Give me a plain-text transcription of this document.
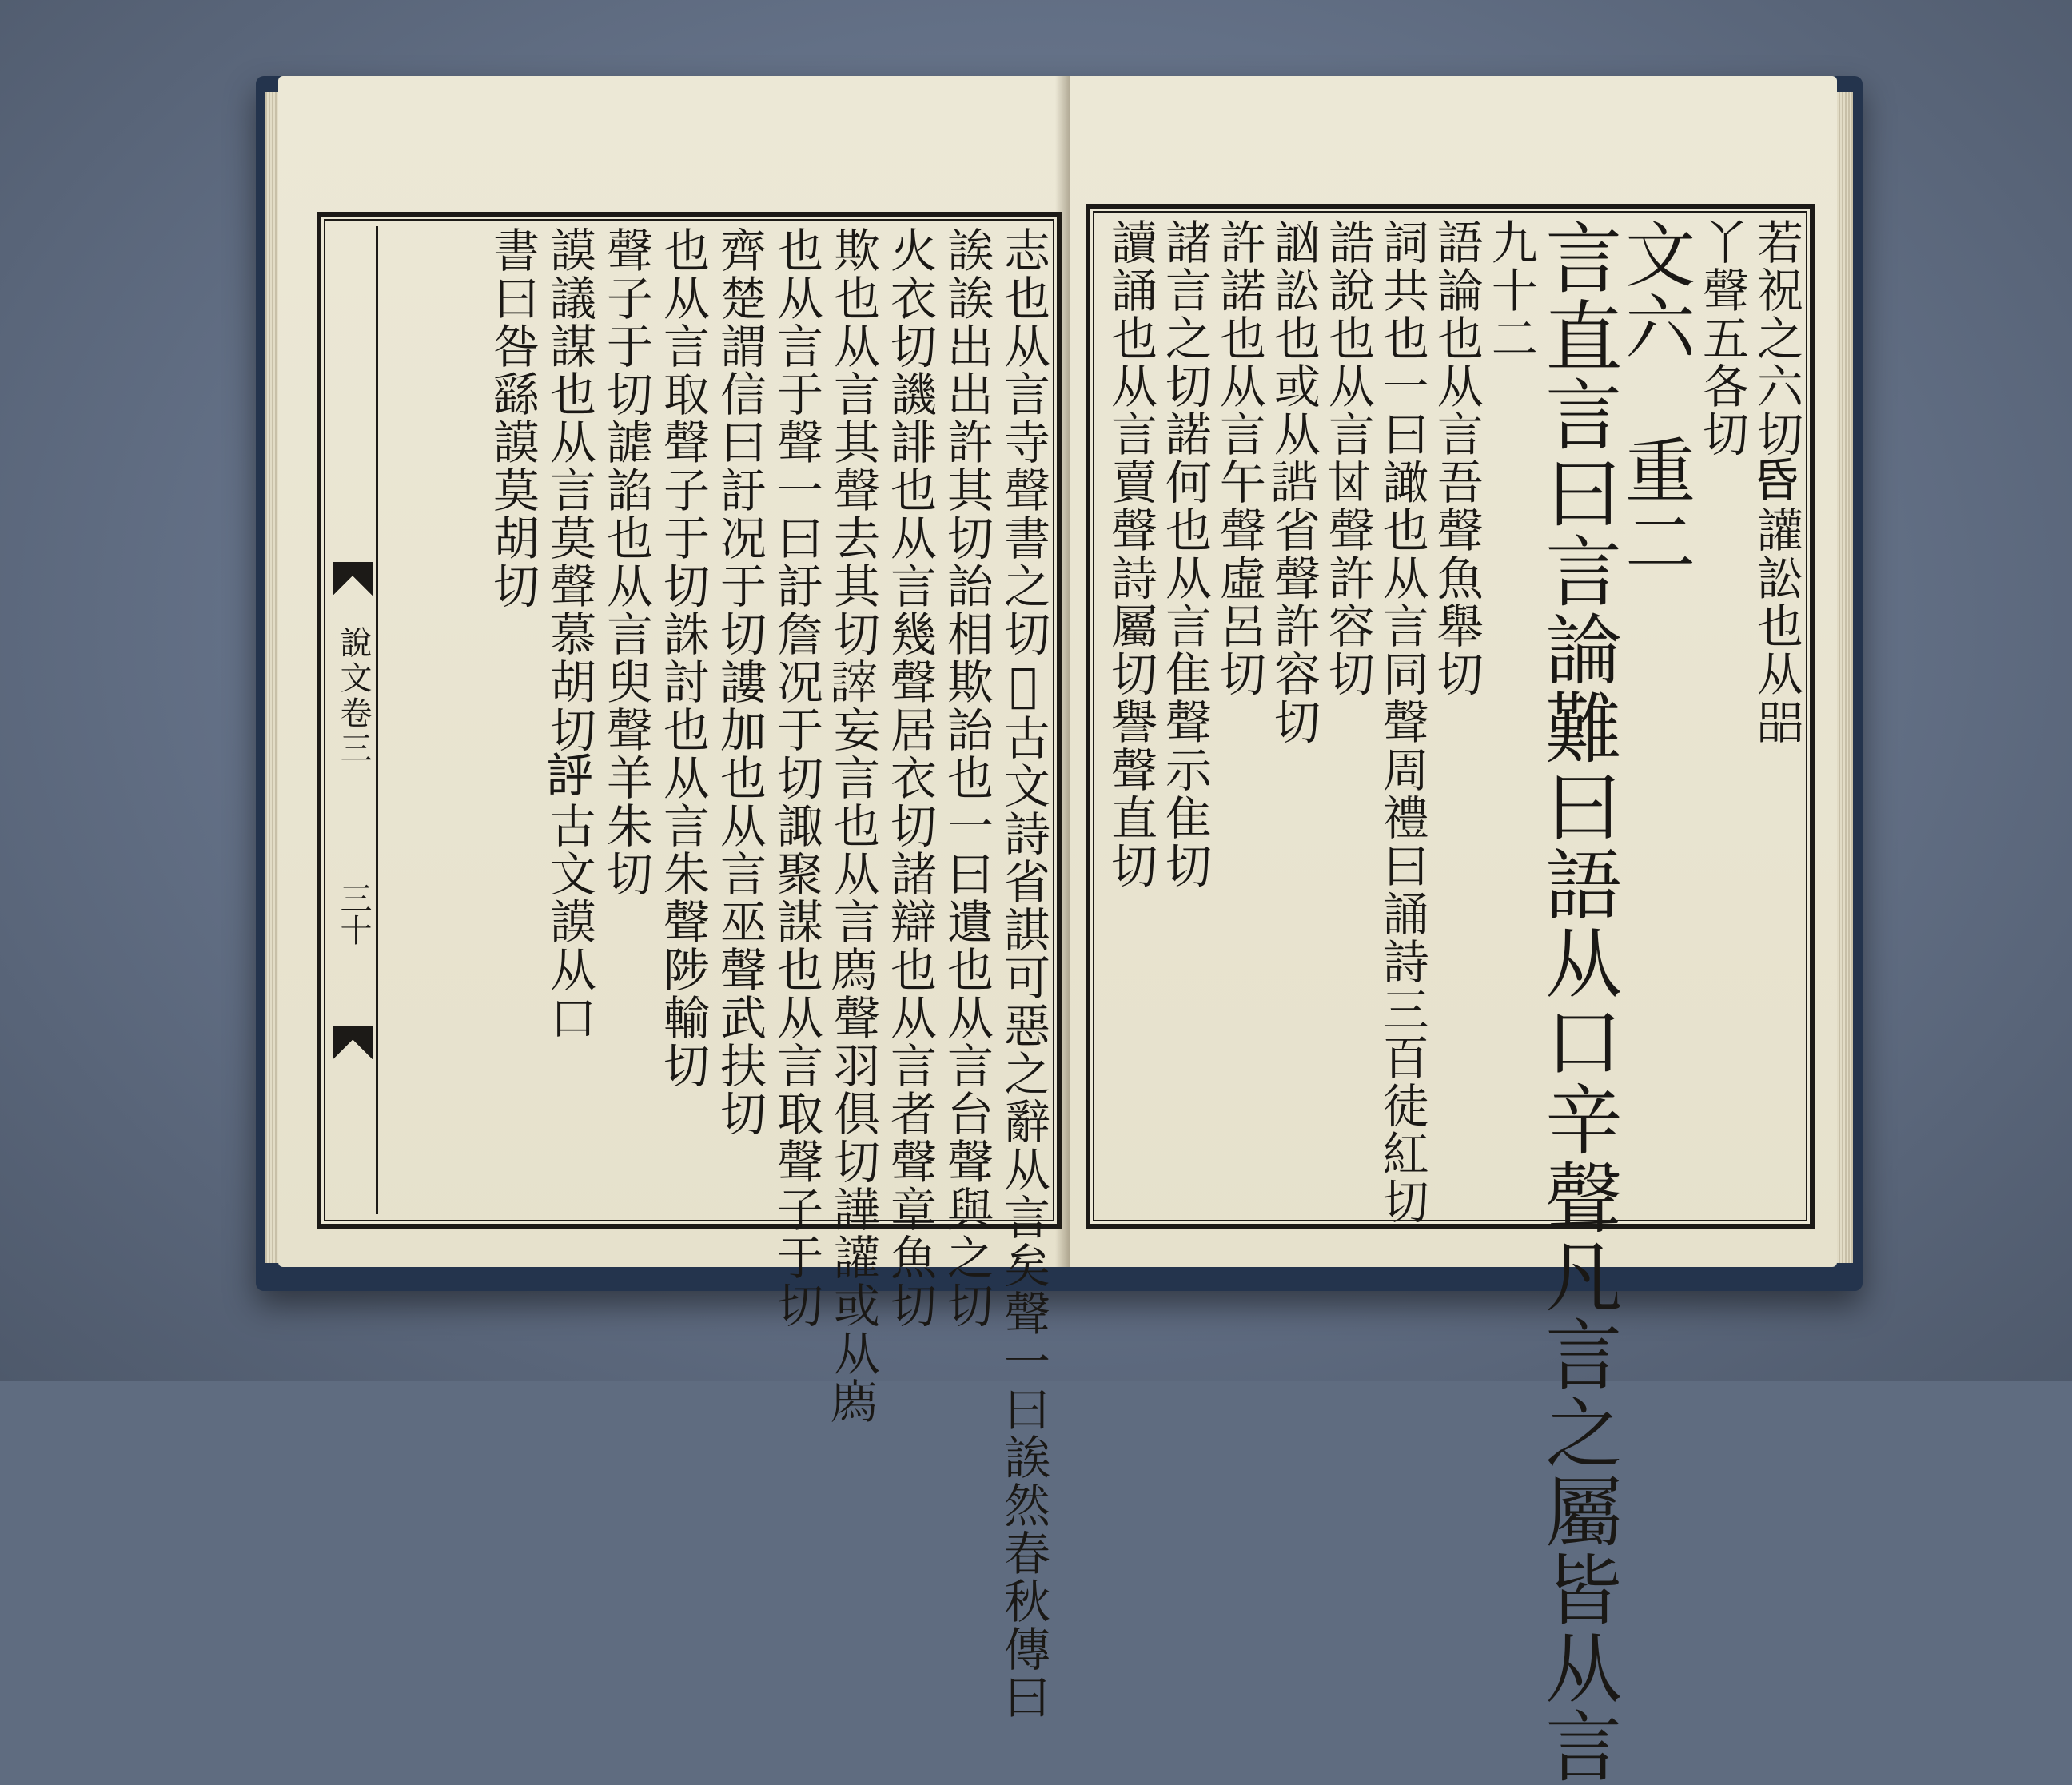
說文卷三
三十	志也从言寺聲書之切𧥚古文詩省諆可惡之辭从言矣聲一曰誒然春秋傳曰
誒誒出出許其切詒相欺詒也一曰遺也从言台聲與之切
火衣切譏誹也从言幾聲居衣切諸辯也从言者聲章魚切
欺也从言其聲去其切𧫒妄言也从言𢊁聲羽俱切譁讙或从𢊁
也从言于聲一曰訏詹况于切諏聚謀也从言取聲子于切
齊楚謂信曰訏况于切謱加也从言巫聲武扶切
也从言取聲子于切誅討也从言朱聲陟輸切
聲子于切謔諂也从言臾聲羊朱切
謨議謀也从言莫聲慕胡切𧦝古文謨从口
書曰咎繇謨莫胡切	若祝之六切𠯑讙訟也从㗊
丫聲五各切
文六　重二
言直言曰言論難曰語从口辛聲凡言之屬皆从言
九十二
語論也从言吾聲魚舉切
詞共也一曰譀也从言同聲周禮曰誦詩三百徒紅切
誥說也从言𠀠聲許容切
訩訟也或从𧩢省聲許容切
許諾也从言午聲虛呂切
諸言之切諾何也从言隹聲示隹切
讀誦也从言賣聲詩屬切譽聲直切
